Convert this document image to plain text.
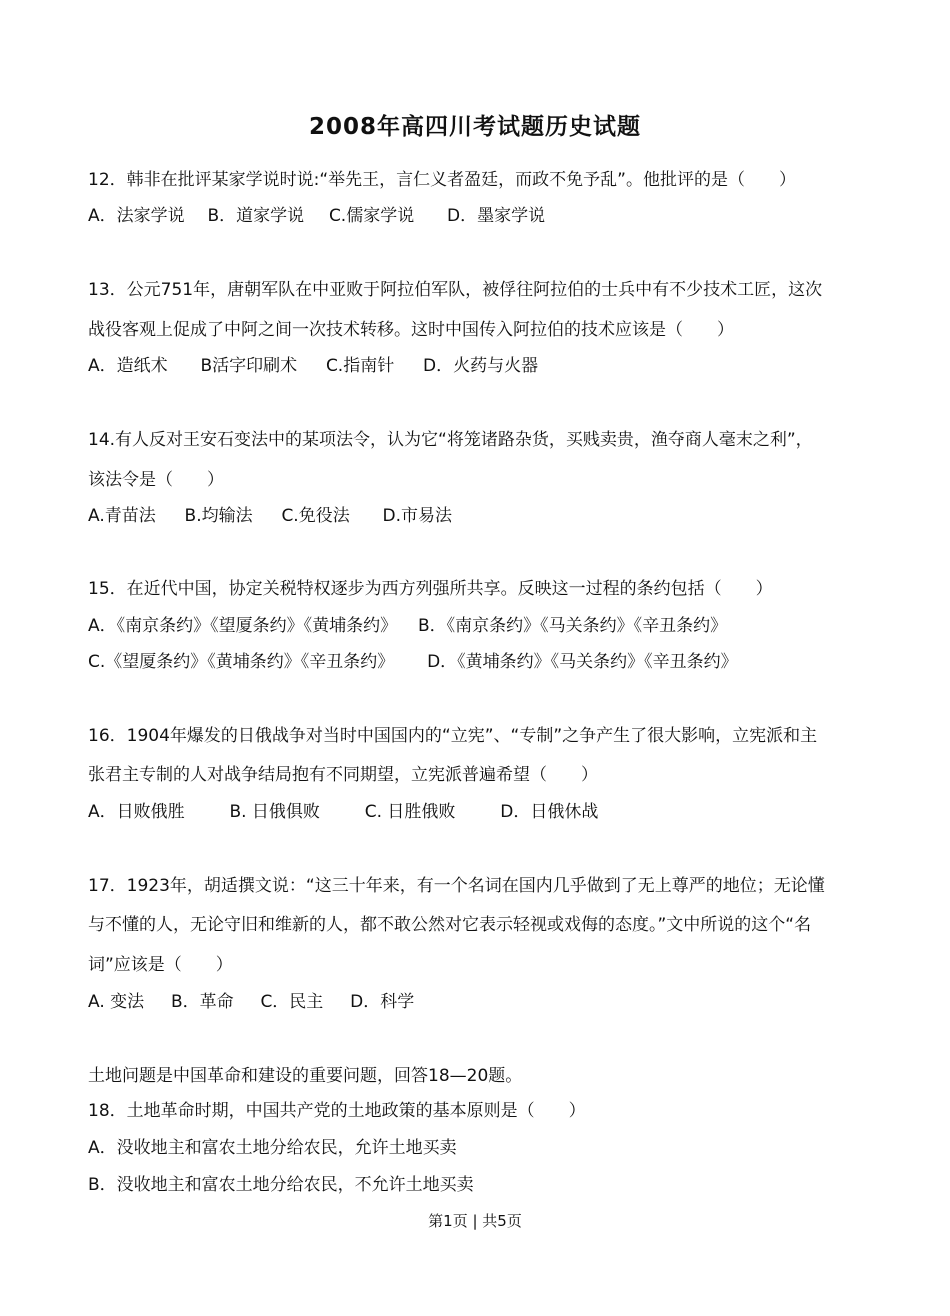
2008年高四川考试题历史试题
12．韩非在批评某家学说时说:“举先王，言仁义者盈廷，而政不免予乱”。他批评的是（　　）
A．法家学说 B．道家学说 C.儒家学说 D．墨家学说
13．公元751年，唐朝军队在中亚败于阿拉伯军队，被俘往阿拉伯的士兵中有不少技术工匠，这次
战役客观上促成了中阿之间一次技术转移。这时中国传入阿拉伯的技术应该是（　　）
A．造纸术 B活字印刷术 C.指南针 D．火药与火器
14.有人反对王安石变法中的某项法令，认为它“将笼诸路杂货，买贱卖贵，渔夺商人毫末之利”，
该法令是（　　）
A.青苗法 B.均输法 C.免役法 D.市易法
15．在近代中国，协定关税特权逐步为西方列强所共享。反映这一过程的条约包括（　　）
A．《南京条约》《望厦条约》《黄埔条约》 B．《南京条约》《马关条约》《辛丑条约》
C.《望厦条约》《黄埔条约》《辛丑条约》 D．《黄埔条约》《马关条约》《辛丑条约》
16．1904年爆发的日俄战争对当时中国国内的“立宪”、“专制”之争产生了很大影响，立宪派和主
张君主专制的人对战争结局抱有不同期望，立宪派普遍希望（　　）
A．日败俄胜	B. 日俄俱败	C. 日胜俄败	D．日俄休战
17．1923年，胡适撰文说：“这三十年来，有一个名词在国内几乎做到了无上尊严的地位；无论懂
与不懂的人，无论守旧和维新的人，都不敢公然对它表示轻视或戏侮的态度。”文中所说的这个“名
词”应该是（　　）
A. 变法 B．革命 C．民主 D．科学
土地问题是中国革命和建设的重要问题，回答18—20题。
18．土地革命时期，中国共产党的土地政策的基本原则是（　　）
A．没收地主和富农土地分给农民，允许土地买卖
B．没收地主和富农土地分给农民，不允许土地买卖
第1页 | 共5页
